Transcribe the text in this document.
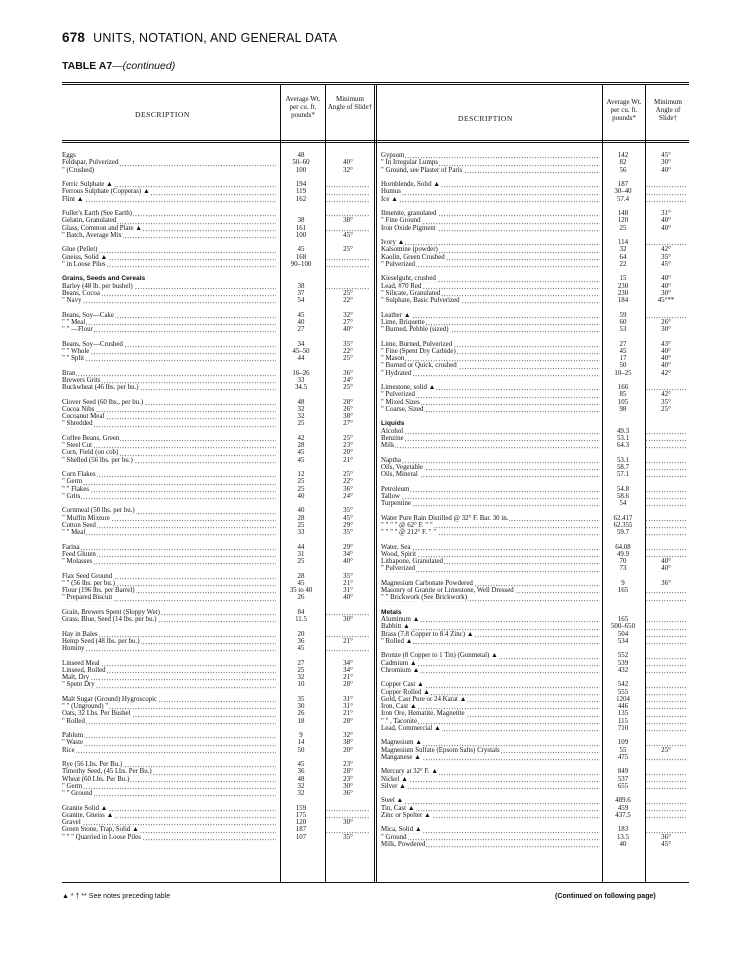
678 UNITS, NOTATION, AND GENERAL DATA
TABLE A7—(continued)
DESCRIPTION
Average Wt. per cu. ft. pounds*
Minimum Angle of Slide†
DESCRIPTION
Average Wt. per cu. ft. pounds*
Minimum Angle of Slide†
Eggs	48
Feldspar, Pulverized	50–60	40°
" (Crushed)	100	32°
Ferric Sulphate ▲	194
Ferrous Sulphate (Copperas) ▲	119
Flint ▲	162
Fuller's Earth (See Earth)
Gelatin, Granulated	38	38°
Glass, Common and Plate ▲	161
" Batch, Average Mix	100	45°
Glue (Pellet)	45	25°
Gneiss, Solid ▲	168
" in Loose Piles	90–100
Grains, Seeds and Cereals
Barley (48 lb. per bushel)	38
Beans, Cocoa	37	25°
" Navy	54	22°
Beans, Soy—Cake	45	32°
" " Meal	40	27°
" " —Flour	27	40°
Beans, Soy—Crushed	34	35°
" " Whole	45–50	22°
" " Split	44	25°
Bran	16–26	36°
Brewers Grits	33	24°
Buckwheat (46 lbs. per bu.)	34.5	25°
Clover Seed (60 lbs., per bu.)	48	28°
Cocoa Nibs	32	26°
Cocoanut Meal	32	38°
" Shredded	25	27°
Coffee Beans, Green	42	25°
" Steel Cut	28	23°
Corn, Field (on cob)	45	20°
" Shelled (56 lbs. per bu.)	45	21°
Corn Flakes	12	25°
" Germ	25	22°
" " Flakes	25	36°
" Grits	40	24°
Cornmeal (50 lbs. per bu.)	40	35°
" Muffin Mixture	28	45°
Cotton Seed	25	29°
" " Meal	33	35°
Farina	44	29°
Feed Gluten	31	34°
" Molasses	25	40°
Flax Seed Ground	28	35°
" " (56 lbs. per bu.)	45	21°
Flour (196 lbs. per Barrel)	35 to 40	31°
" Prepared Biscuit	26	40°
Grain, Brewers Spent (Sloppy Wet)	84
Grass, Blue, Seed (14 lbs. per bu.)	11.5	30°
Hay in Bales	20
Hemp Seed (48 lbs. per bu.)	36	21°
Hominy	45
Linseed Meal	27	34°
Linseed, Rolled	25	34°
Malt, Dry	32	21°
" Spent Dry	10	28°
Malt Sugar (Ground) Hygroscopic	35	31°
" " (Unground) "	30	31°
Oats, 32 Lbs. Per Bushel	26	21°
" Rolled	18	28°
Pablum	9	32°
" Waste	14	38°
Rice	50	20°
Rye (56 Lbs. Per Bu.)	45	23°
Timothy Seed, (45 Lbs. Per Bu.)	36	28°
Wheat (60 Lbs. Per Bu.)	48	23°
" Germ	32	30°
" " Ground	32	36°
Granite Solid ▲	159
Granite, Gneiss ▲	175
Gravel	120	30°
Green Stone, Trap, Solid ▲	187
" " " Quarried in Loose Piles	107	35°
Gypsum	142	45°
" In Irregular Lumps	82	30°
" Ground, see Plaster of Paris	56	40°
Hornblende, Solid ▲	187
Humus	30–40
Ice ▲	57.4
Ilmenite, granulated	148	31°
" Fine Ground	120	40°
Iron Oxide Pigment	25	40°
Ivory ▲	114
Kalsomine (powder)	32	42°
Kaolin, Green Crushed	64	35°
" Pulverized	22	45°
Kieselguhr, crushed	15	40°
Lead, #70 Red	230	40°
" Silicate, Granulated	230	30°
" Sulphate, Basic Pulverized	184	45°**
Leather ▲	59
Lime, Briquette	60	26°
" Burned, Pebble (sized)	53	30°
Lime, Burned, Pulverized	27	43°
" Fine (Spent Dry Carbide)	45	40°
" Mason	17	40°
" Burned or Quick, crushed	50	40°
" Hydrated	10–25	42°
Limestone, solid ▲	166
" Pulverized	85	42°
" Mixed Sizes	105	35°
" Coarse, Sized	98	25°
Liquids
Alcohol	49.3
Benzine	53.1
Milk	64.3
Naptha	53.1
Oils, Vegetable	58.7
Oils, Mineral	57.1
Petroleum	54.8
Tallow	58.6
Turpentine	54
Water Pure Rain Distilled @ 32° F. Bar. 30 in.	62.417
" " " " @ 62° F. " "	62.355
" " " " @ 212° F. " "	59.7
Water, Sea	64.08
Wood, Spirit	49.9
Lithapone, Granulated	70	40°
" Pulverized	73	40°
Magnesium Carbonate Powdered	9	36°
Masonry of Granite or Limestone, Well Dressed	165
" " Brickwork (See Brickwork)
Metals
Aluminum ▲	165
Babbitt ▲	500–650
Brass (7.8 Copper to 8.4 Zinc) ▲	504
" Rolled ▲	534
Bronze (8 Copper to 1 Tin) (Gunmetal) ▲	552
Cadmium ▲	539
Chromium ▲	432
Copper Cast ▲	542
Copper Rolled ▲	555
Gold, Cast Pure or 24 Karat ▲	1204
Iron, Cast ▲	446
Iron Ore, Hematite, Magnetite	135
" " , Taconite	115
Lead, Commercial ▲	710
Magnesium ▲	109
Magnesium Sulfate (Epsom Salts) Crystals	55	25°
Manganese ▲	475
Mercury at 32° F. ▲	849
Nickel ▲	537
Silver ▲	655
Steel ▲	489.6
Tin, Cast ▲	459
Zinc or Spelter ▲	437.5
Mica, Solid ▲	183
" Ground	13.5	36°
Milk, Powdered	40	45°
▲ * † ** See notes preceding table	(Continued on following page)
